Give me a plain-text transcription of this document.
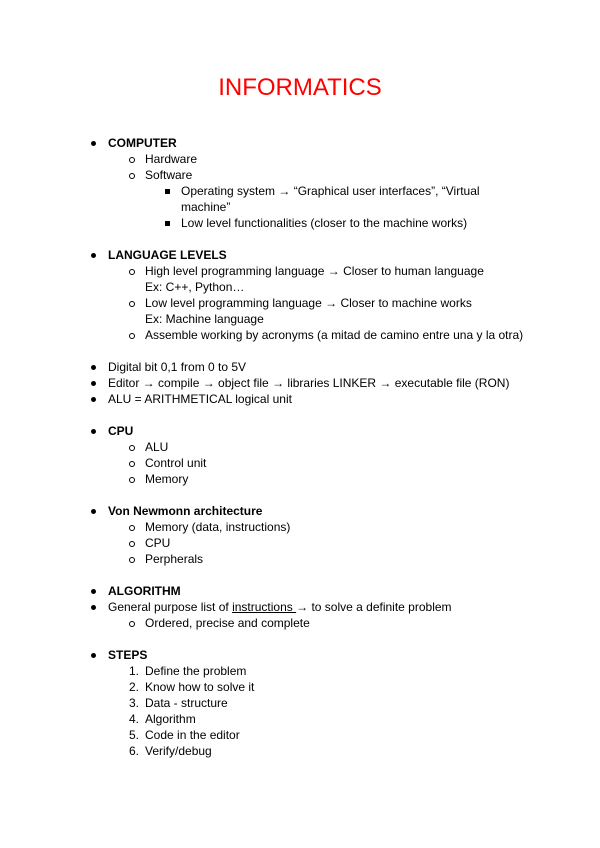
INFORMATICS
COMPUTER
Hardware
Software
Operating system → “Graphical user interfaces”, “Virtual
machine”
Low level functionalities (closer to the machine works)
LANGUAGE LEVELS
High level programming language → Closer to human language
Ex: C++, Python…
Low level programming language → Closer to machine works
Ex: Machine language
Assemble working by acronyms (a mitad de camino entre una y la otra)
Digital bit 0,1 from 0 to 5V
Editor → compile → object file → libraries LINKER → executable file (RON)
ALU = ARITHMETICAL logical unit
CPU
ALU
Control unit
Memory
Von Newmonn architecture
Memory (data, instructions)
CPU
Perpherals
ALGORITHM
General purpose list of instructions → to solve a definite problem
Ordered, precise and complete
STEPS
1. Define the problem
2. Know how to solve it
3. Data - structure
4. Algorithm
5. Code in the editor
6. Verify/debug
